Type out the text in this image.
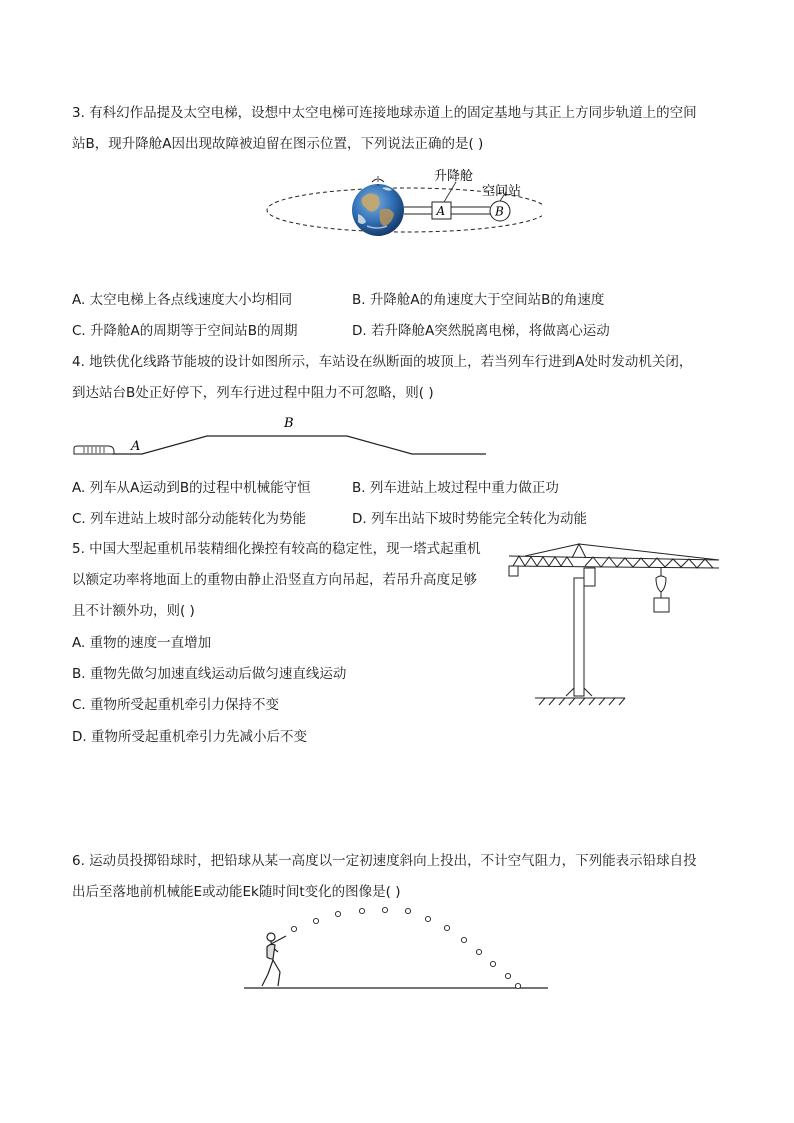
3. 有科幻作品提及太空电梯，设想中太空电梯可连接地球赤道上的固定基地与其正上方同步轨道上的空间
站B，现升降舱A因出现故障被迫留在图示位置，下列说法正确的是( )
A	B
升降舱
空间站
A. 太空电梯上各点线速度大小均相同	B. 升降舱A的角速度大于空间站B的角速度
C. 升降舱A的周期等于空间站B的周期	D. 若升降舱A突然脱离电梯，将做离心运动
4. 地铁优化线路节能坡的设计如图所示，车站设在纵断面的坡顶上，若当列车行进到A处时发动机关闭，
到达站台B处正好停下，列车行进过程中阻力不可忽略，则( )
A
B
A. 列车从A运动到B的过程中机械能守恒	B. 列车进站上坡过程中重力做正功
C. 列车进站上坡时部分动能转化为势能	D. 列车出站下坡时势能完全转化为动能
5. 中国大型起重机吊装精细化操控有较高的稳定性，现一塔式起重机
以额定功率将地面上的重物由静止沿竖直方向吊起，若吊升高度足够
且不计额外功，则( )
A. 重物的速度一直增加
B. 重物先做匀加速直线运动后做匀速直线运动
C. 重物所受起重机牵引力保持不变
D. 重物所受起重机牵引力先减小后不变
6. 运动员投掷铅球时，把铅球从某一高度以一定初速度斜向上投出，不计空气阻力，下列能表示铅球自投
出后至落地前机械能E或动能Ek随时间t变化的图像是( )
